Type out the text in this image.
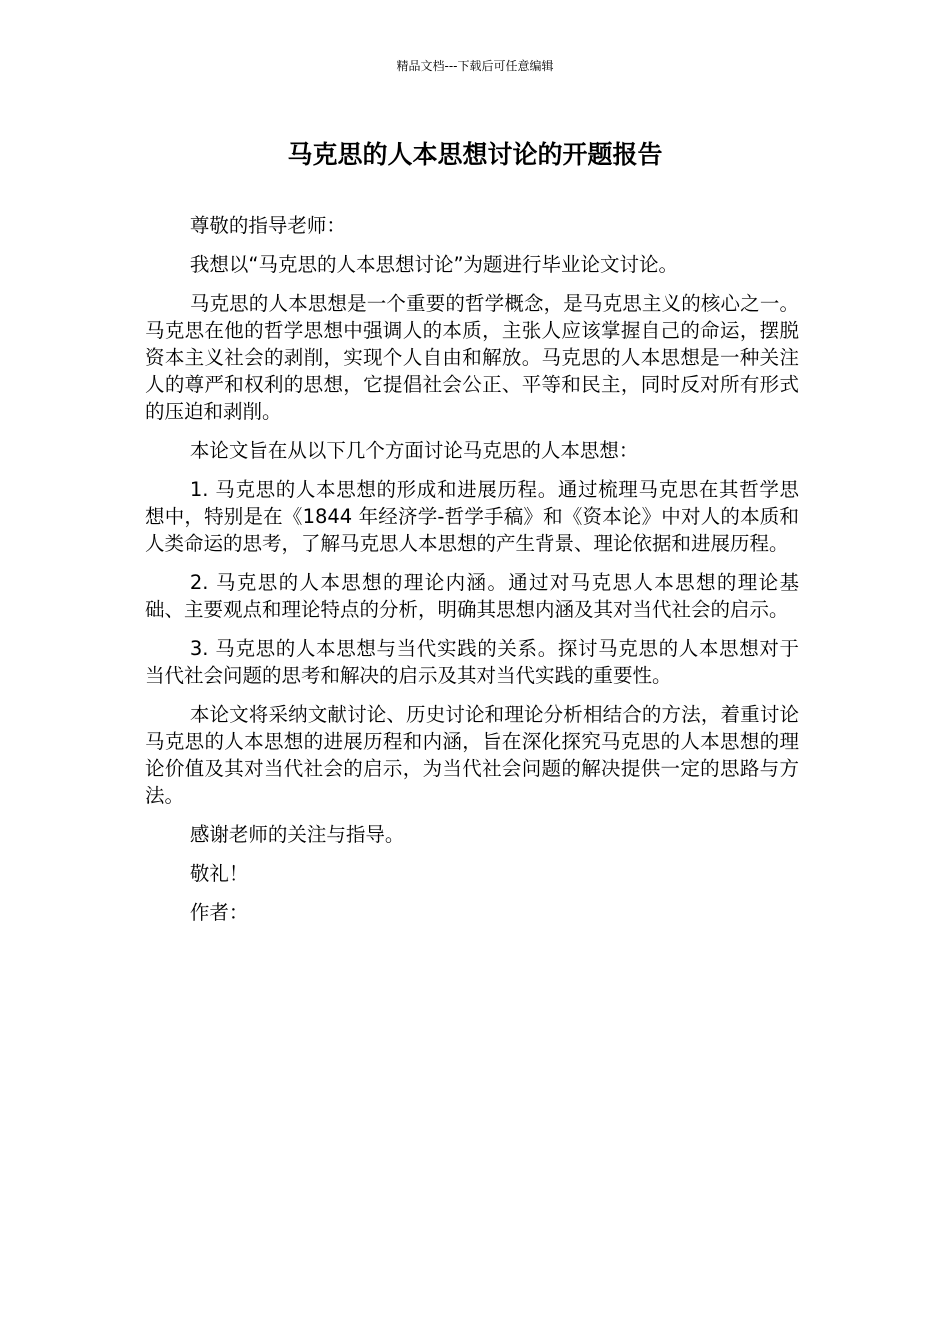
精品文档---下载后可任意编辑
马克思的人本思想讨论的开题报告

尊敬的指导老师：

我想以“马克思的人本思想讨论”为题进行毕业论文讨论。

马克思的人本思想是一个重要的哲学概念，是马克思主义的核心之一。马克思在他的哲学思想中强调人的本质，主张人应该掌握自己的命运，摆脱资本主义社会的剥削，实现个人自由和解放。马克思的人本思想是一种关注人的尊严和权利的思想，它提倡社会公正、平等和民主，同时反对所有形式的压迫和剥削。

本论文旨在从以下几个方面讨论马克思的人本思想：

1. 马克思的人本思想的形成和进展历程。通过梳理马克思在其哲学思想中，特别是在《1844 年经济学-哲学手稿》和《资本论》中对人的本质和人类命运的思考，了解马克思人本思想的产生背景、理论依据和进展历程。

2. 马克思的人本思想的理论内涵。通过对马克思人本思想的理论基础、主要观点和理论特点的分析，明确其思想内涵及其对当代社会的启示。

3. 马克思的人本思想与当代实践的关系。探讨马克思的人本思想对于当代社会问题的思考和解决的启示及其对当代实践的重要性。

本论文将采纳文献讨论、历史讨论和理论分析相结合的方法，着重讨论马克思的人本思想的进展历程和内涵，旨在深化探究马克思的人本思想的理论价值及其对当代社会的启示，为当代社会问题的解决提供一定的思路与方法。

感谢老师的关注与指导。

敬礼！

作者：
